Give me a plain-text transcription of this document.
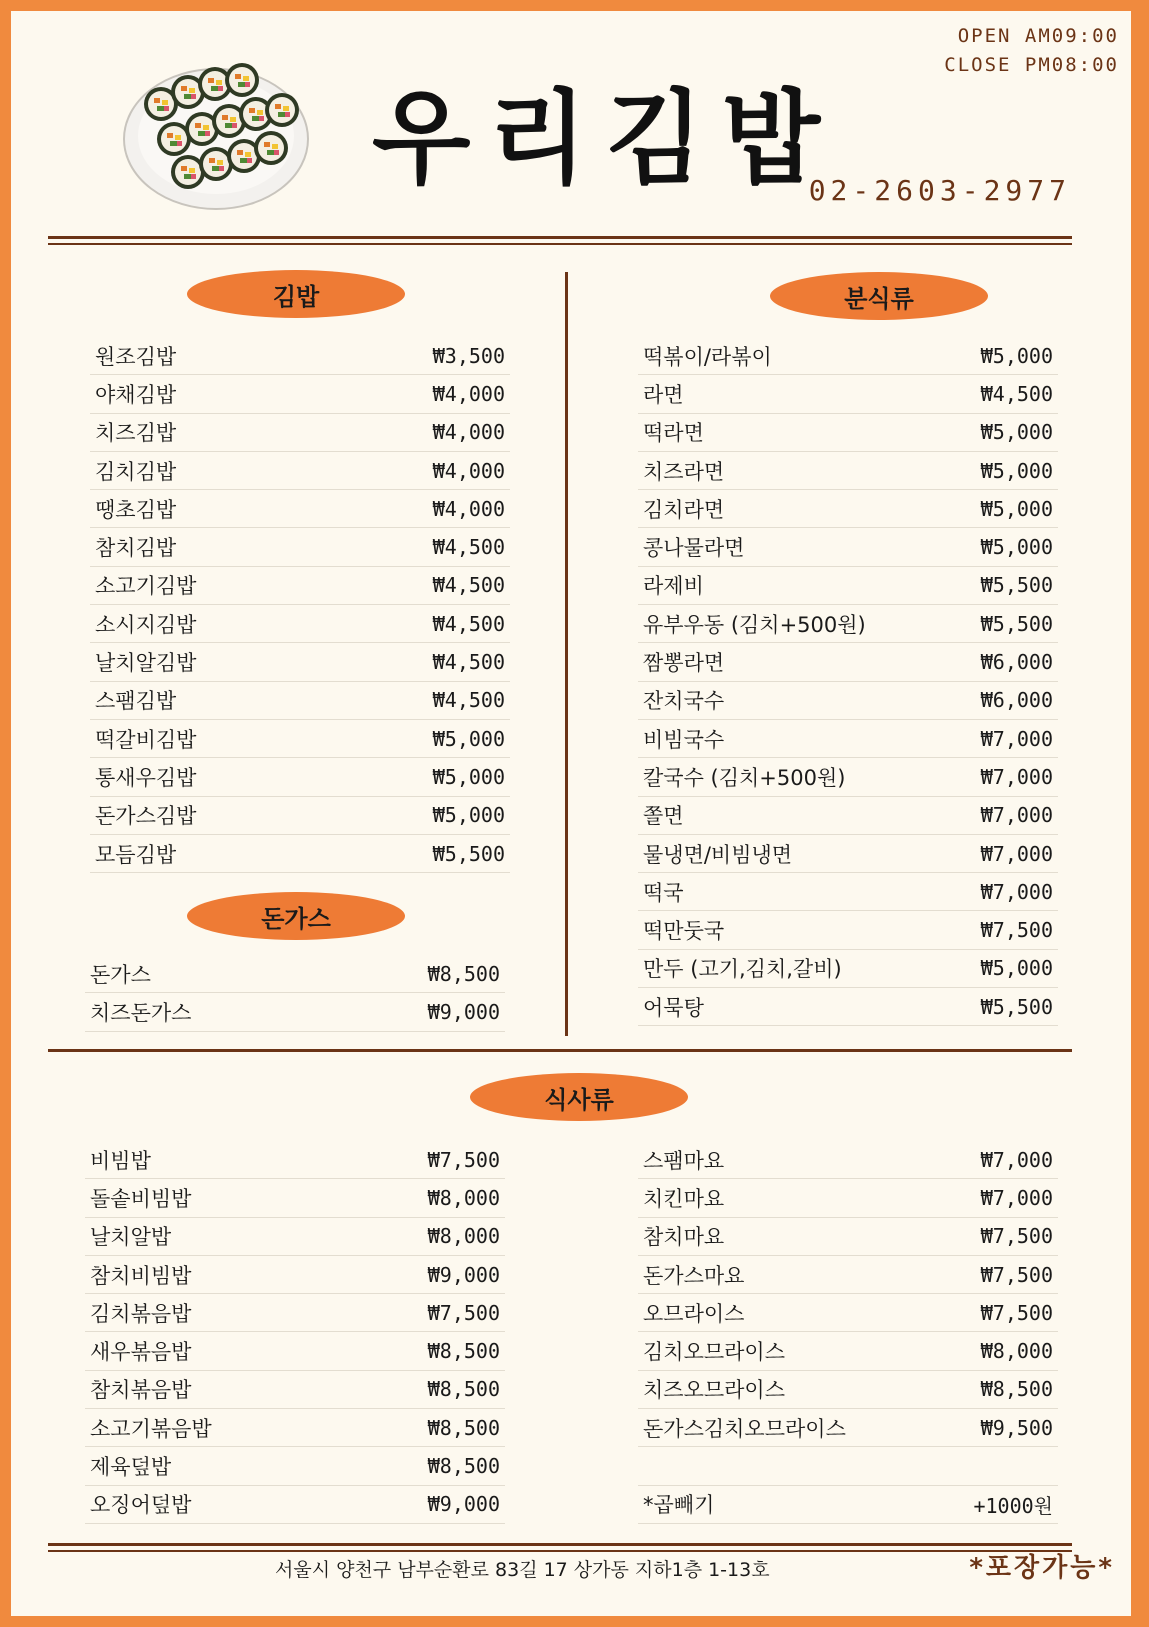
OPEN AM09:00
CLOSE PM08:00
우리김밥
02-2603-2977
김밥
원조김밥	₩3,500
야채김밥	₩4,000
치즈김밥	₩4,000
김치김밥	₩4,000
땡초김밥	₩4,000
참치김밥	₩4,500
소고기김밥	₩4,500
소시지김밥	₩4,500
날치알김밥	₩4,500
스팸김밥	₩4,500
떡갈비김밥	₩5,000
통새우김밥	₩5,000
돈가스김밥	₩5,000
모듬김밥	₩5,500
돈가스
돈가스	₩8,500
치즈돈가스	₩9,000
분식류
떡볶이/라볶이	₩5,000
라면	₩4,500
떡라면	₩5,000
치즈라면	₩5,000
김치라면	₩5,000
콩나물라면	₩5,000
라제비	₩5,500
유부우동 (김치+500원)	₩5,500
짬뽕라면	₩6,000
잔치국수	₩6,000
비빔국수	₩7,000
칼국수 (김치+500원)	₩7,000
쫄면	₩7,000
물냉면/비빔냉면	₩7,000
떡국	₩7,000
떡만둣국	₩7,500
만두 (고기,김치,갈비)	₩5,000
어묵탕	₩5,500
식사류
비빔밥	₩7,500
돌솥비빔밥	₩8,000
날치알밥	₩8,000
참치비빔밥	₩9,000
김치볶음밥	₩7,500
새우볶음밥	₩8,500
참치볶음밥	₩8,500
소고기볶음밥	₩8,500
제육덮밥	₩8,500
오징어덮밥	₩9,000
스팸마요	₩7,000
치킨마요	₩7,000
참치마요	₩7,500
돈가스마요	₩7,500
오므라이스	₩7,500
김치오므라이스	₩8,000
치즈오므라이스	₩8,500
돈가스김치오므라이스	₩9,500
*곱빼기	+1000원
서울시 양천구 남부순환로 83길 17 상가동 지하1층 1-13호	*포장가능*
